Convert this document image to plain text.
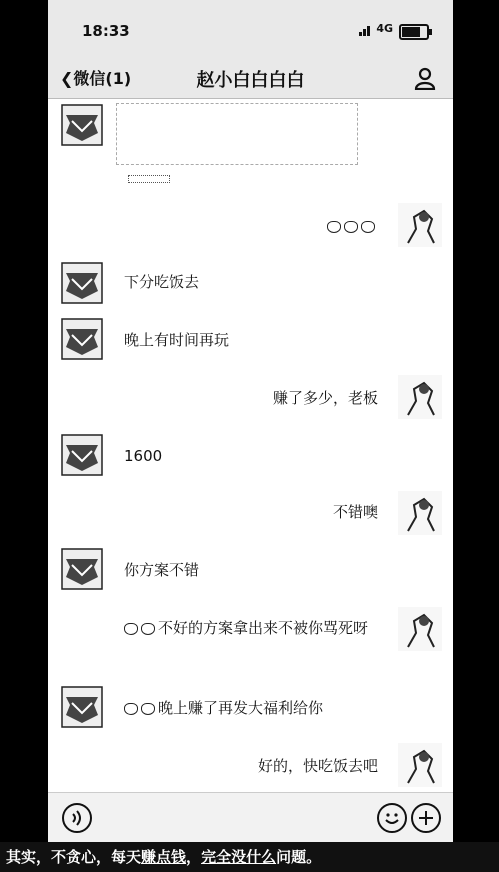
18:33	4G
❮微信(1)	赵小白白白白
下分吃饭去
晚上有时间再玩
赚了多少，老板
1600
不错噢
你方案不错
不好的方案拿出来不被你骂死呀
晚上赚了再发大福利给你
好的，快吃饭去吧
其实，不贪心，每天赚点钱，完全没什么问题。
